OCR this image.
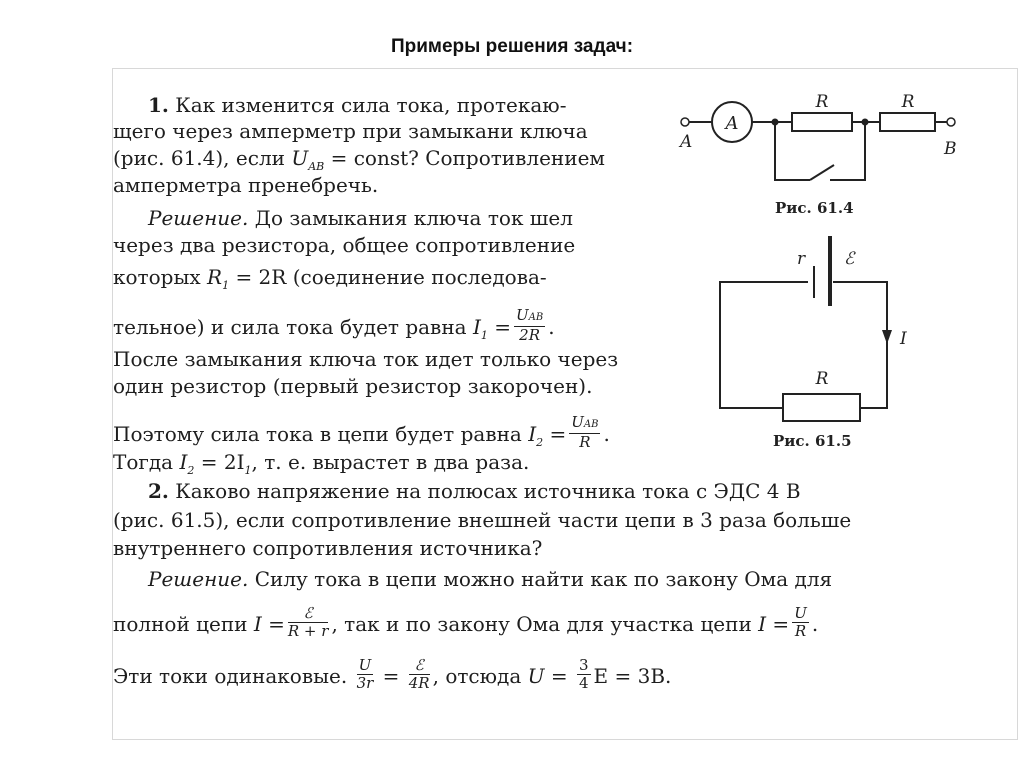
Примеры решения задач:
1. Как изменится сила тока, протекаю-
щего через амперметр при замыкани ключа
(рис. 61.4), если $U_{AB}$ = const? Сопротивлением
амперметра пренебречь.
Решение. До замыкания ключа ток шел
через два резистора, общее сопротивление
которых $R_1 = 2R$ (соединение последова-
тельное) и сила тока будет равна $I_1 = \frac{\text{UAB}}{2R}$ .
После замыкания ключа ток идет только через
один резистор (первый резистор закорочен).
Поэтому сила тока в цепи будет равна $I_2 = \frac{\text{UAB}}{R}$ .
Тогда $I_2 = 2I_1$, т. е. вырастет в два раза.
2. Каково напряжение на полюсах источника тока с ЭДС 4 В
(рис. 61.5), если сопротивление внешней части цепи в 3 раза больше
внутреннего сопротивления источника?
Решение. Силу тока в цепи можно найти как по закону Ома для
полной цепи $I = \frac{\text{ℰ}}{R + r}$ , так и по закону Ома для участка цепи $I = \frac{U}{R}$ .
Эти токи одинаковые. $\frac{U}{3r} = \frac{\text{ℰ}}{4R}$ , отсюда $U = \frac{3}{4}$ E = 3B.
A
R	R
A	B
Рис. 61.4
r ℰ
I
R
Рис. 61.5
